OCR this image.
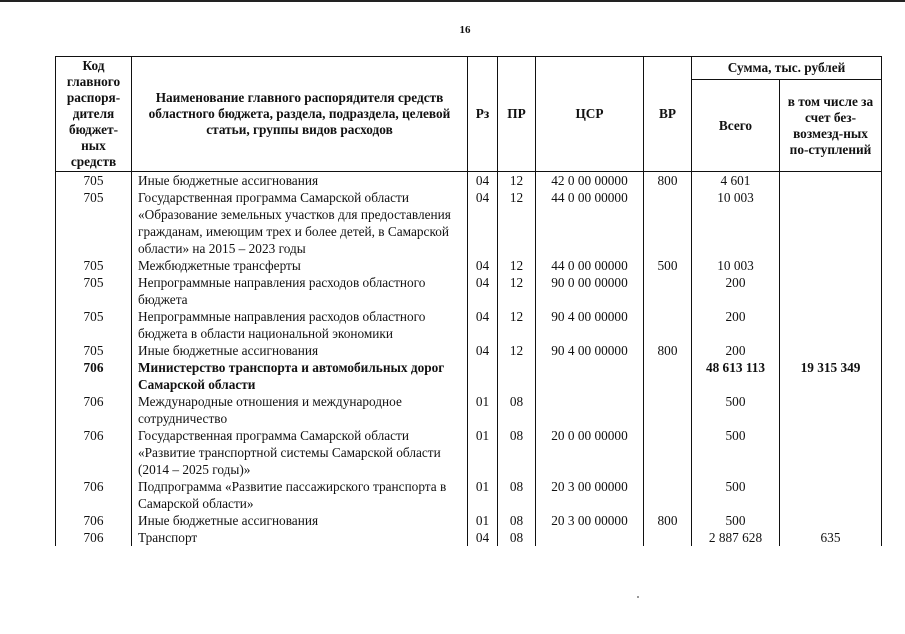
16
Код главного распоря-дителя бюджет-ных средств	Наименование главного распорядителя средств областного бюджета, раздела, подраздела, целевой статьи, группы видов расходов	Рз	ПР	ЦСР	ВР	Сумма, тыс. рублей	
						Всего	в том числе за счет без-возмезд-ных по-ступлений
705	Иные бюджетные ассигнования	04	12	42 0 00 00000	800	4 601	
705	Государственная программа Самарской области «Образование земельных участков для предоставления гражданам, имеющим трех и более детей, в Самарской области» на 2015 – 2023 годы	04	12	44 0 00 00000		10 003	
705	Межбюджетные трансферты	04	12	44 0 00 00000	500	10 003	
705	Непрограммные направления расходов областного бюджета	04	12	90 0 00 00000		200	
705	Непрограммные направления расходов областного бюджета в области национальной экономики	04	12	90 4 00 00000		200	
705	Иные бюджетные ассигнования	04	12	90 4 00 00000	800	200	
706	Министерство транспорта и автомобильных дорог Самарской области					48 613 113	19 315 349
706	Международные отношения и международное сотрудничество	01	08			500	
706	Государственная программа Самарской области «Развитие транспортной системы Самарской области (2014 – 2025 годы)»	01	08	20 0 00 00000		500	
706	Подпрограмма «Развитие пассажирского транспорта в Самарской области»	01	08	20 3 00 00000		500	
706	Иные бюджетные ассигнования	01	08	20 3 00 00000	800	500	
706	Транспорт	04	08			2 887 628	635
